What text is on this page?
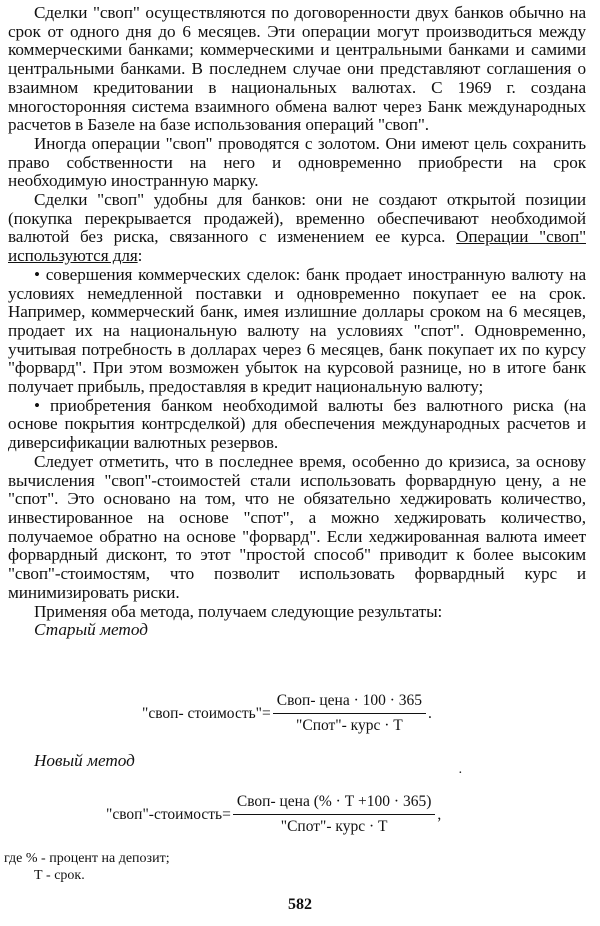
Сделки "своп" осуществляются по договоренности двух банков обычно на срок от одного дня до 6 месяцев. Эти операции могут производиться между коммерческими банками; коммерческими и центральными банками и самими центральными банками. В последнем случае они представляют соглашения о взаимном кредитовании в национальных валютах. С 1969 г. создана многосторонняя система взаимного обмена валют через Банк международных расчетов в Базеле на базе использования операций "своп".

Иногда операции "своп" проводятся с золотом. Они имеют цель сохранить право собственности на него и одновременно приобрести на срок необходимую иностранную марку.

Сделки "своп" удобны для банков: они не создают открытой позиции (покупка перекрывается продажей), временно обеспечивают необходимой валютой без риска, связанного с изменением ее курса. Операции "своп" используются для:

• совершения коммерческих сделок: банк продает иностранную валюту на условиях немедленной поставки и одновременно покупает ее на срок. Например, коммерческий банк, имея излишние доллары сроком на 6 месяцев, продает их на национальную валюту на условиях "спот". Одновременно, учитывая потребность в долларах через 6 месяцев, банк покупает их по курсу "форвард". При этом возможен убыток на курсовой разнице, но в итоге банк получает прибыль, предоставляя в кредит национальную валюту;

• приобретения банком необходимой валюты без валютного риска (на основе покрытия контрсделкой) для обеспечения международных расчетов и диверсификации валютных резервов.

Следует отметить, что в последнее время, особенно до кризиса, за основу вычисления "своп"-стоимостей стали использовать форвардную цену, а не "спот". Это основано на том, что не обязательно хеджировать количество, инвестированное на основе "спот", а можно хеджировать количество, получаемое обратно на основе "форвард". Если хеджированная валюта имеет форвардный дисконт, то этот "простой способ" приводит к более высоким "своп"-стоимостям, что позволит использовать форвардный курс и минимизировать риски.

Применяя оба метода, получаем следующие результаты:

Старый метод

"своп- стоимость"= $\frac{\text{Своп- цена · 100 · 365}}{\text{"Спот"- курс · Т}}$ .

Новый метод

·
"своп"-стоимость= $\frac{\text{Своп- цена (\% · Т +100 · 365)}}{\text{"Спот"- курс · Т}}$ ,
где % - процент на депозит;
Т - срок.
582
